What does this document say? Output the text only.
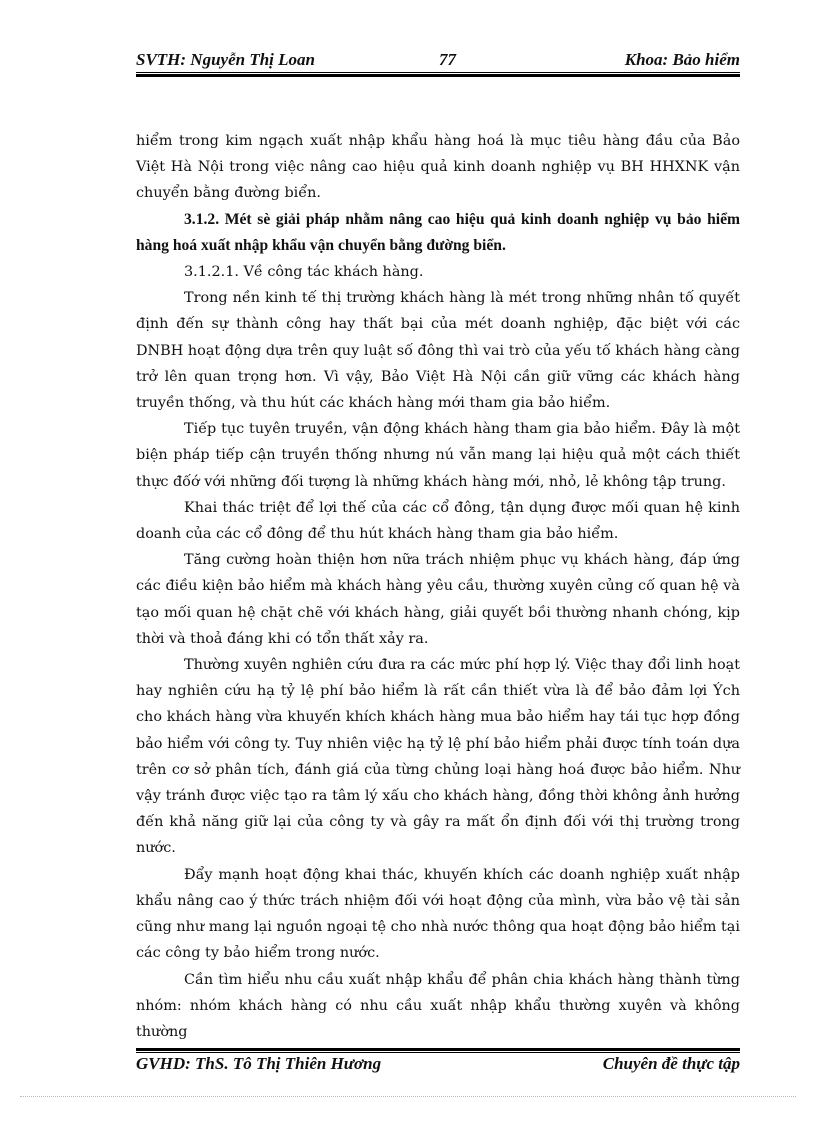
SVTH: Nguyễn Thị Loan	77	Khoa: Bảo hiểm

hiểm trong kim ngạch xuất nhập khẩu hàng hoá là mục tiêu hàng đầu của Bảo Việt Hà Nội trong việc nâng cao hiệu quả kinh doanh nghiệp vụ BH HHXNK vận chuyển bằng đường biển.

3.1.2. Mét sè giải pháp nhằm nâng cao hiệu quả kinh doanh nghiệp vụ bảo hiểm hàng hoá xuất nhập khẩu vận chuyển bằng đường biển.

3.1.2.1. Về công tác khách hàng.

Trong nền kinh tế thị trường khách hàng là mét trong những nhân tố quyết định đến sự thành công hay thất bại của mét doanh nghiệp, đặc biệt với các DNBH hoạt động dựa trên quy luật số đông thì vai trò của yếu tố khách hàng càng trở lên quan trọng hơn. Vì vậy, Bảo Việt Hà Nội cần giữ vững các khách hàng truyền thống, và thu hút các khách hàng mới tham gia bảo hiểm.

Tiếp tục tuyên truyền, vận động khách hàng tham gia bảo hiểm. Đây là một biện pháp tiếp cận truyền thống nhưng nú vẫn mang lại hiệu quả một cách thiết thực đốớ với những đối tượng là những khách hàng mới, nhỏ, lẻ không tập trung.

Khai thác triệt để lợi thế của các cổ đông, tận dụng được mối quan hệ kinh doanh của các cổ đông để thu hút khách hàng tham gia bảo hiểm.

Tăng cường hoàn thiện hơn nữa trách nhiệm phục vụ khách hàng, đáp ứng các điều kiện bảo hiểm mà khách hàng yêu cầu, thường xuyên củng cố quan hệ và tạo mối quan hệ chặt chẽ với khách hàng, giải quyết bồi thường nhanh chóng, kịp thời và thoả đáng khi có tổn thất xảy ra.

Thường xuyên nghiên cứu đưa ra các mức phí hợp lý. Việc thay đổi linh hoạt hay nghiên cứu hạ tỷ lệ phí bảo hiểm là rất cần thiết vừa là để bảo đảm lợi Ých cho khách hàng vừa khuyến khích khách hàng mua bảo hiểm hay tái tục hợp đồng bảo hiểm với công ty. Tuy nhiên việc hạ tỷ lệ phí bảo hiểm phải được tính toán dựa trên cơ sở phân tích, đánh giá của từng chủng loại hàng hoá được bảo hiểm. Như vậy tránh được việc tạo ra tâm lý xấu cho khách hàng, đồng thời không ảnh hưởng đến khả năng giữ lại của công ty và gây ra mất ổn định đối với thị trường trong nước.

Đẩy mạnh hoạt động khai thác, khuyến khích các doanh nghiệp xuất nhập khẩu nâng cao ý thức trách nhiệm đối với hoạt động của mình, vừa bảo vệ tài sản cũng như mang lại nguồn ngoại tệ cho nhà nước thông qua hoạt động bảo hiểm tại các công ty bảo hiểm trong nước.

Cần tìm hiểu nhu cầu xuất nhập khẩu để phân chia khách hàng thành từng nhóm: nhóm khách hàng có nhu cầu xuất nhập khẩu thường xuyên và không thường

GVHD: ThS. Tô Thị Thiên Hương	Chuyên đề thực tập
